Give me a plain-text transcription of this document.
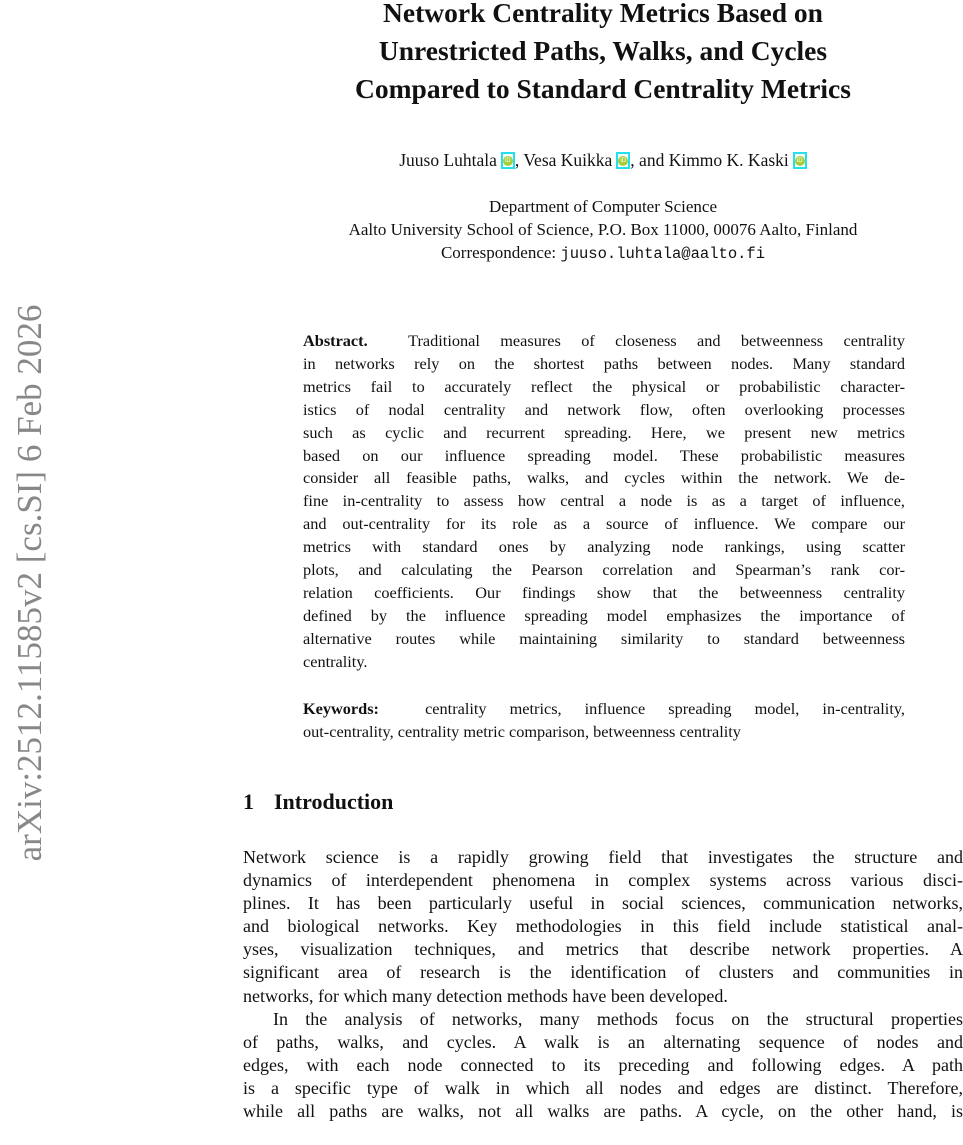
arXiv:2512.11585v2 [cs.SI] 6 Feb 2026
Network Centrality Metrics Based on
Unrestricted Paths, Walks, and Cycles
Compared to Standard Centrality Metrics
Juuso Luhtala iD , Vesa Kuikka iD , and Kimmo K. KaskiiD
Department of Computer Science
Aalto University School of Science, P.O. Box 11000, 00076 Aalto, Finland
Correspondence: juuso.luhtala@aalto.fi
Abstract. Traditional measures of closeness and betweenness centrality
in networks rely on the shortest paths between nodes. Many standard
metrics fail to accurately reflect the physical or probabilistic character-
istics of nodal centrality and network flow, often overlooking processes
such as cyclic and recurrent spreading. Here, we present new metrics
based on our influence spreading model. These probabilistic measures
consider all feasible paths, walks, and cycles within the network. We de-
fine in-centrality to assess how central a node is as a target of influence,
and out-centrality for its role as a source of influence. We compare our
metrics with standard ones by analyzing node rankings, using scatter
plots, and calculating the Pearson correlation and Spearman’s rank cor-
relation coefficients. Our findings show that the betweenness centrality
defined by the influence spreading model emphasizes the importance of
alternative routes while maintaining similarity to standard betweenness
centrality.
Keywords:	centrality metrics, influence spreading model, in-centrality,
out-centrality, centrality metric comparison, betweenness centrality
1 Introduction
Network science is a rapidly growing field that investigates the structure and
dynamics of interdependent phenomena in complex systems across various disci-
plines. It has been particularly useful in social sciences, communication networks,
and biological networks. Key methodologies in this field include statistical anal-
yses, visualization techniques, and metrics that describe network properties. A
significant area of research is the identification of clusters and communities in
networks, for which many detection methods have been developed.
In the analysis of networks, many methods focus on the structural properties
of paths, walks, and cycles. A walk is an alternating sequence of nodes and
edges, with each node connected to its preceding and following edges. A path
is a specific type of walk in which all nodes and edges are distinct. Therefore,
while all paths are walks, not all walks are paths. A cycle, on the other hand, is
